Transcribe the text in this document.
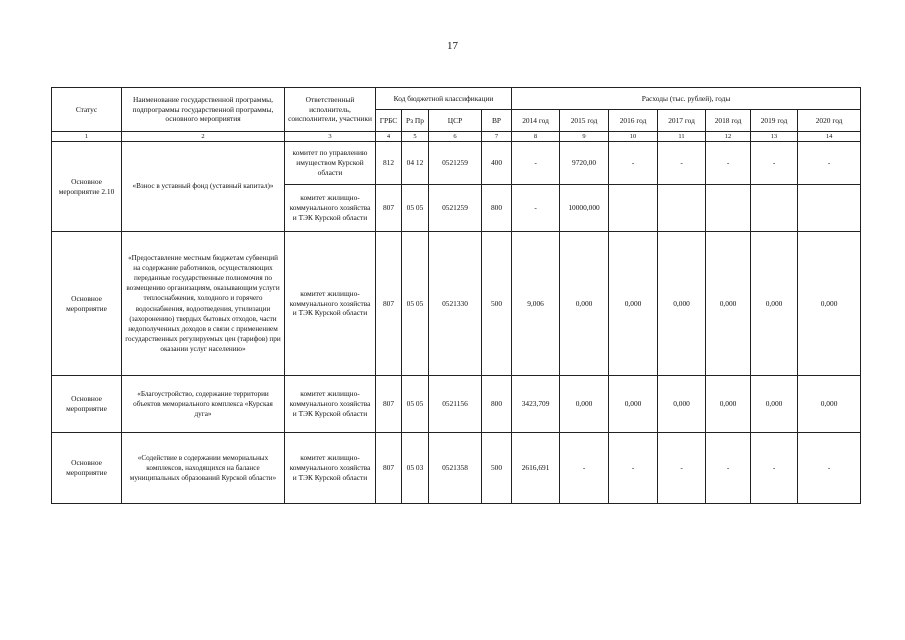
17
Статус	Наименование государственной программы, подпрограммы государственной программы, основного мероприятия	Ответственный исполнитель, соисполнители, участники	Код бюджетной классификации				Расходы (тыс. рублей), годы						
			ГРБС	Рз Пр	ЦСР	ВР	2014 год	2015 год	2016 год	2017 год	2018 год	2019 год	2020 год
1	2	3	4	5	6	7	8	9	10	11	12	13	14
Основное мероприятие 2.10	«Взнос в уставный фонд (уставный капитал)»	комитет по управлению имуществом Курской области	812	04 12	0521259	400	-	9720,00	-	-	-	-	-
		комитет жилищно-коммунального хозяйства и ТЭК Курской области	807	05 05	0521259	800	-	10000,000					
Основное мероприятие	«Предоставление местным бюджетам субвенций на содержание работников, осуществляющих переданные государственные полномочия по возмещению организациям, оказывающим услуги теплоснабжения, холодного и горячего водоснабжения, водоотведения, утилизации (захоронению) твердых бытовых отходов, части недополученных доходов в связи с применением государственных регулируемых цен (тарифов) при оказании услуг населению»	комитет жилищно-коммунального хозяйства и ТЭК Курской области	807	05 05	0521330	500	9,006	0,000	0,000	0,000	0,000	0,000	0,000
Основное мероприятие	«Благоустройство, содержание территории объектов мемориального комплекса «Курская дуга»	комитет жилищно-коммунального хозяйства и ТЭК Курской области	807	05 05	0521156	800	3423,709	0,000	0,000	0,000	0,000	0,000	0,000
Основное мероприятие	«Содействие в содержании мемориальных комплексов, находящихся на балансе муниципальных образований Курской области»	комитет жилищно-коммунального хозяйства и ТЭК Курской области	807	05 03	0521358	500	2616,691	-	-	-	-	-	-
